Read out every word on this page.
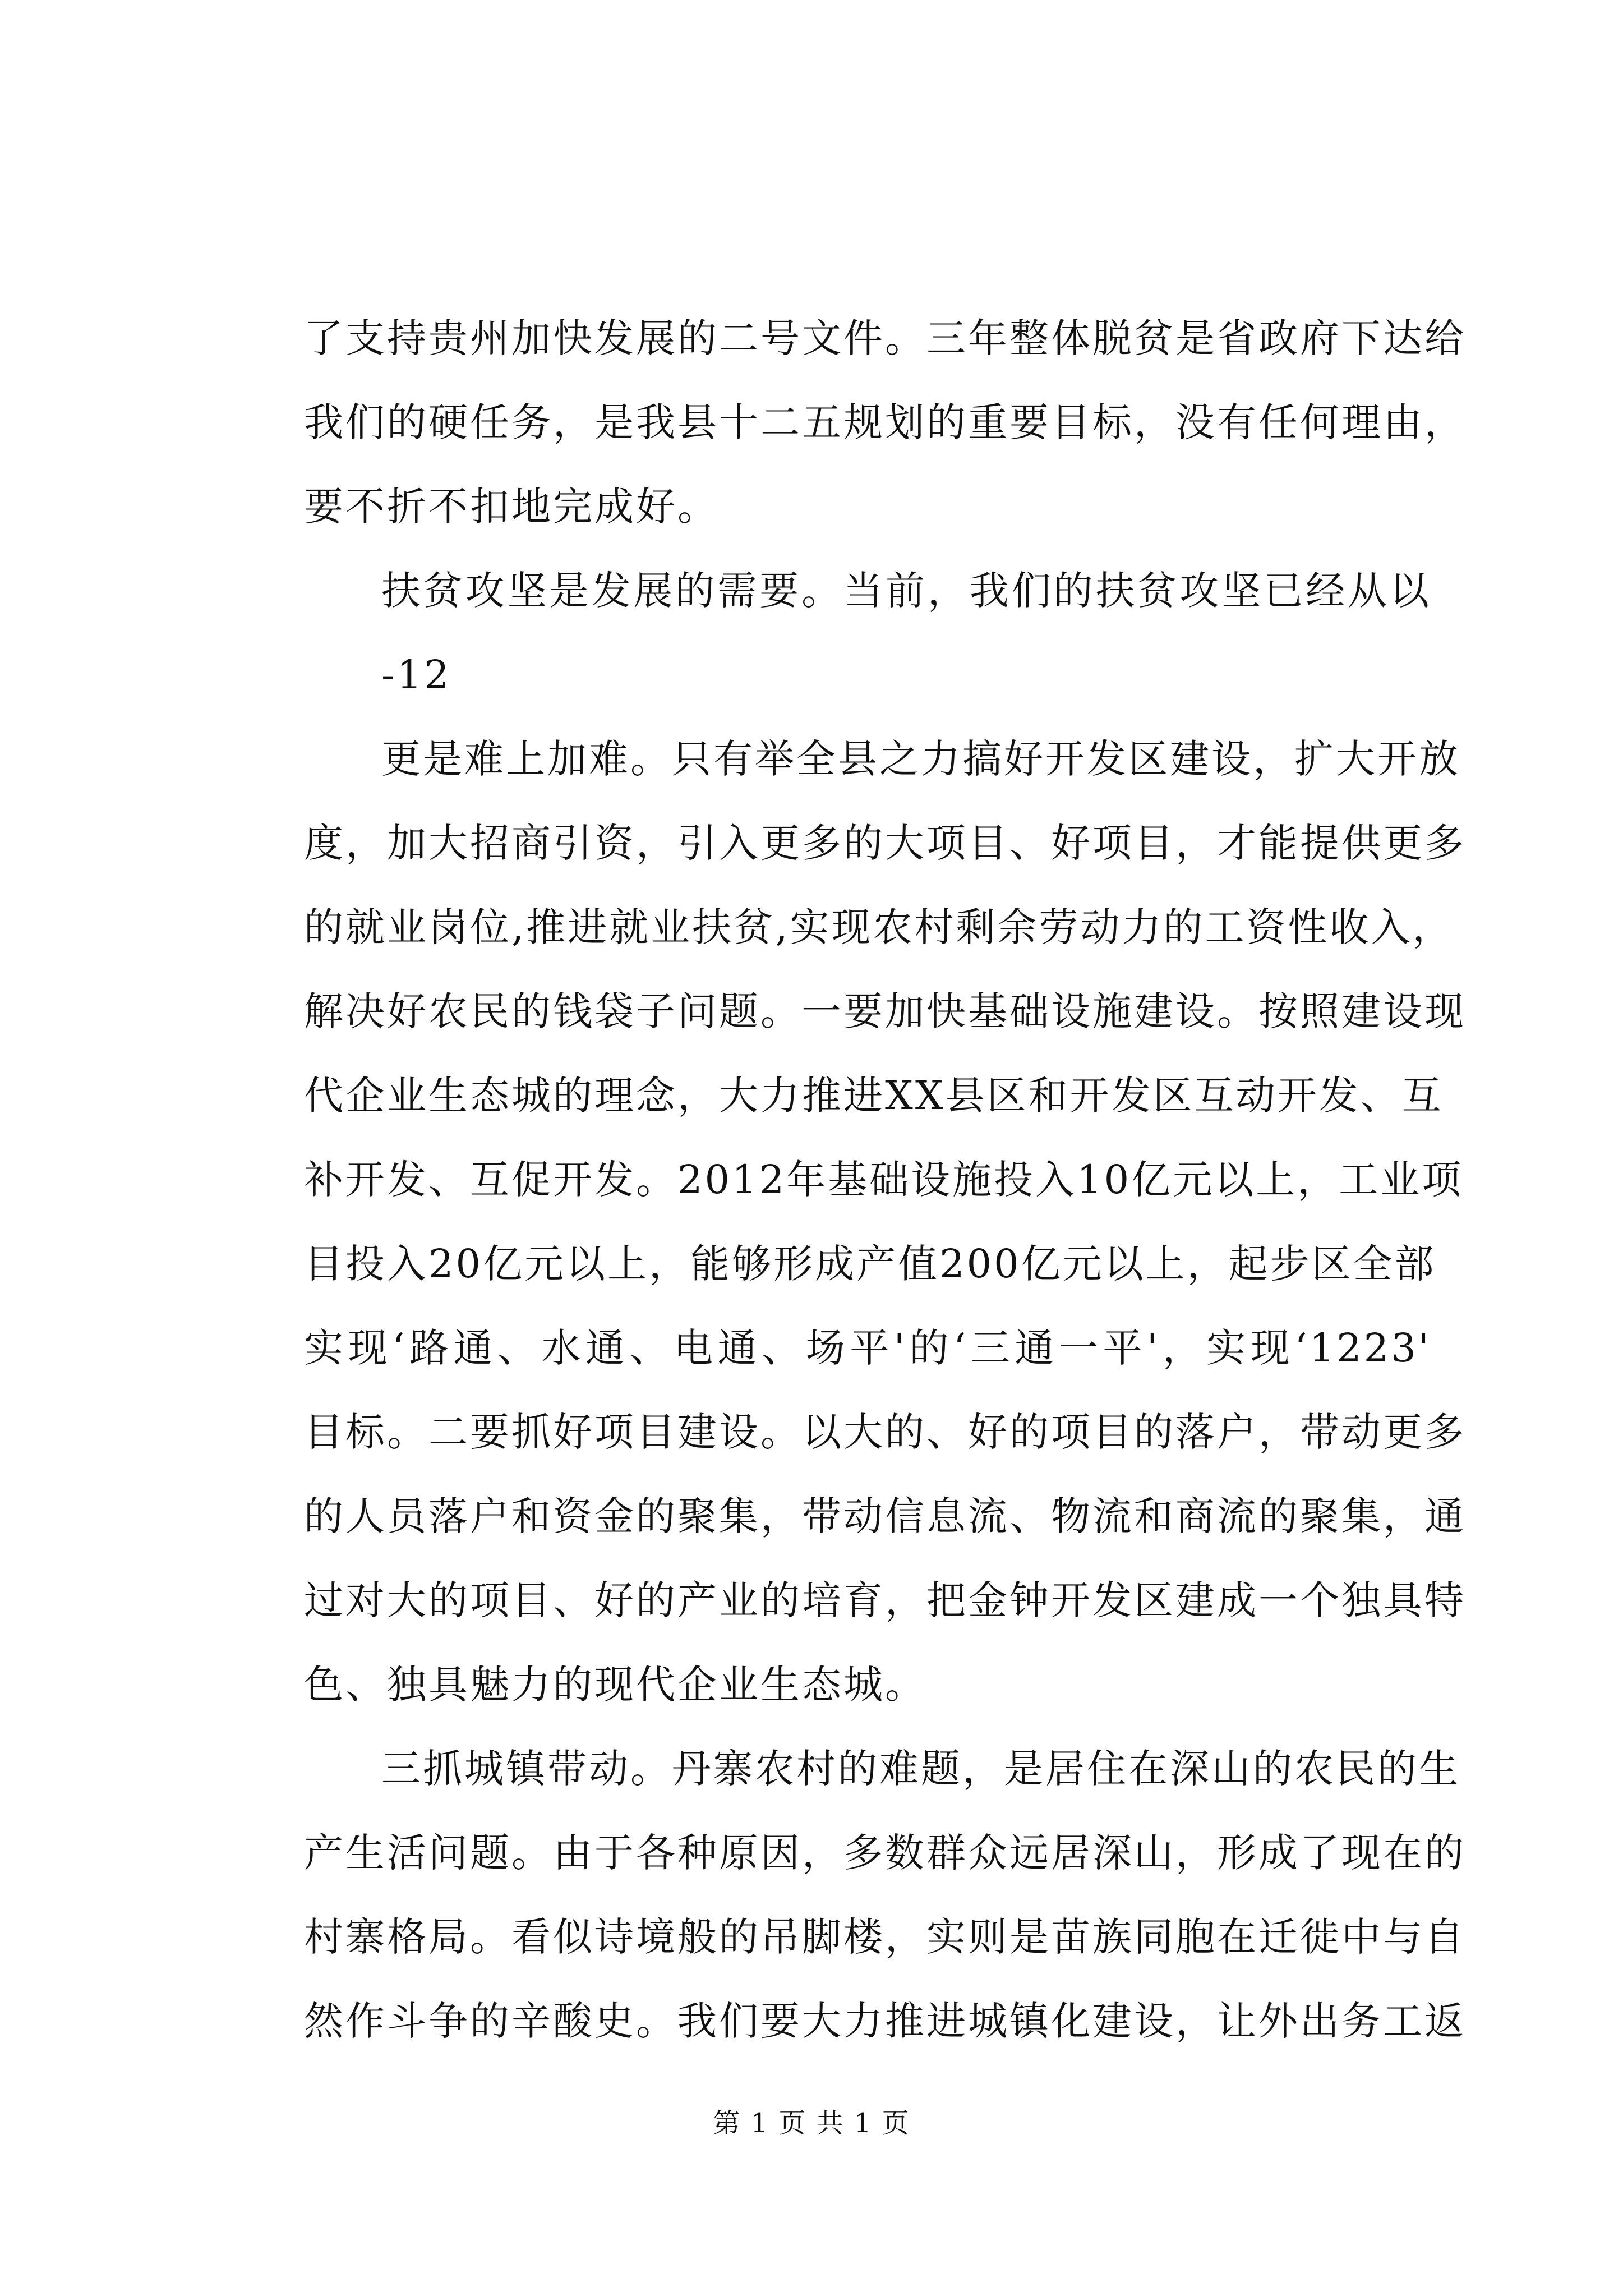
了支持贵州加快发展的二号文件。三年整体脱贫是省政府下达给
我们的硬任务，是我县十二五规划的重要目标，没有任何理由，
要不折不扣地完成好。
扶贫攻坚是发展的需要。当前，我们的扶贫攻坚已经从以
-12
更是难上加难。只有举全县之力搞好开发区建设，扩大开放
度，加大招商引资，引入更多的大项目、好项目，才能提供更多
的就业岗位,推进就业扶贫,实现农村剩余劳动力的工资性收入，
解决好农民的钱袋子问题。一要加快基础设施建设。按照建设现
代企业生态城的理念，大力推进XX县区和开发区互动开发、互
补开发、互促开发。2012年基础设施投入10亿元以上，工业项
目投入20亿元以上，能够形成产值200亿元以上，起步区全部
实现‘路通、水通、电通、场平'的‘三通一平'，实现‘1223'
目标。二要抓好项目建设。以大的、好的项目的落户，带动更多
的人员落户和资金的聚集，带动信息流、物流和商流的聚集，通
过对大的项目、好的产业的培育，把金钟开发区建成一个独具特
色、独具魅力的现代企业生态城。
三抓城镇带动。丹寨农村的难题，是居住在深山的农民的生
产生活问题。由于各种原因，多数群众远居深山，形成了现在的
村寨格局。看似诗境般的吊脚楼，实则是苗族同胞在迁徙中与自
然作斗争的辛酸史。我们要大力推进城镇化建设，让外出务工返
第 1 页 共 1 页
